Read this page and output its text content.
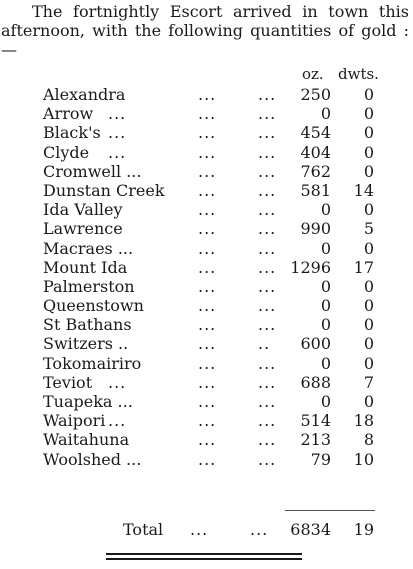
The fortnightly Escort arrived in town this afternoon, with the following quantities of gold :—
oz. dwts.
Alexandra	...	...	250	0
Arrow ...	...	...	0	0
Black's ...	...	...	454	0
Clyde ...	...	...	404	0
Cromwell ...	...	...	762	0
Dunstan Creek ...	...	581	14
Ida Valley	...	...	0	0
Lawrence	...	...	990	5
Macraes ...	...	...	0	0
Mount Ida	...	... 1296	17
Palmerston	...	...	0	0
Queenstown	...	...	0	0
St Bathans	...	...	0	0
Switzers ..	...	..	600	0
Tokomairiro	...	...	0	0
Teviot ...	...	...	688	7
Tuapeka ...	...	...	0	0
Waipori ...	...	...	514	18
Waitahuna	...	...	213	8
Woolshed ...	...	...	79	10
Total ...	...	6834	19
